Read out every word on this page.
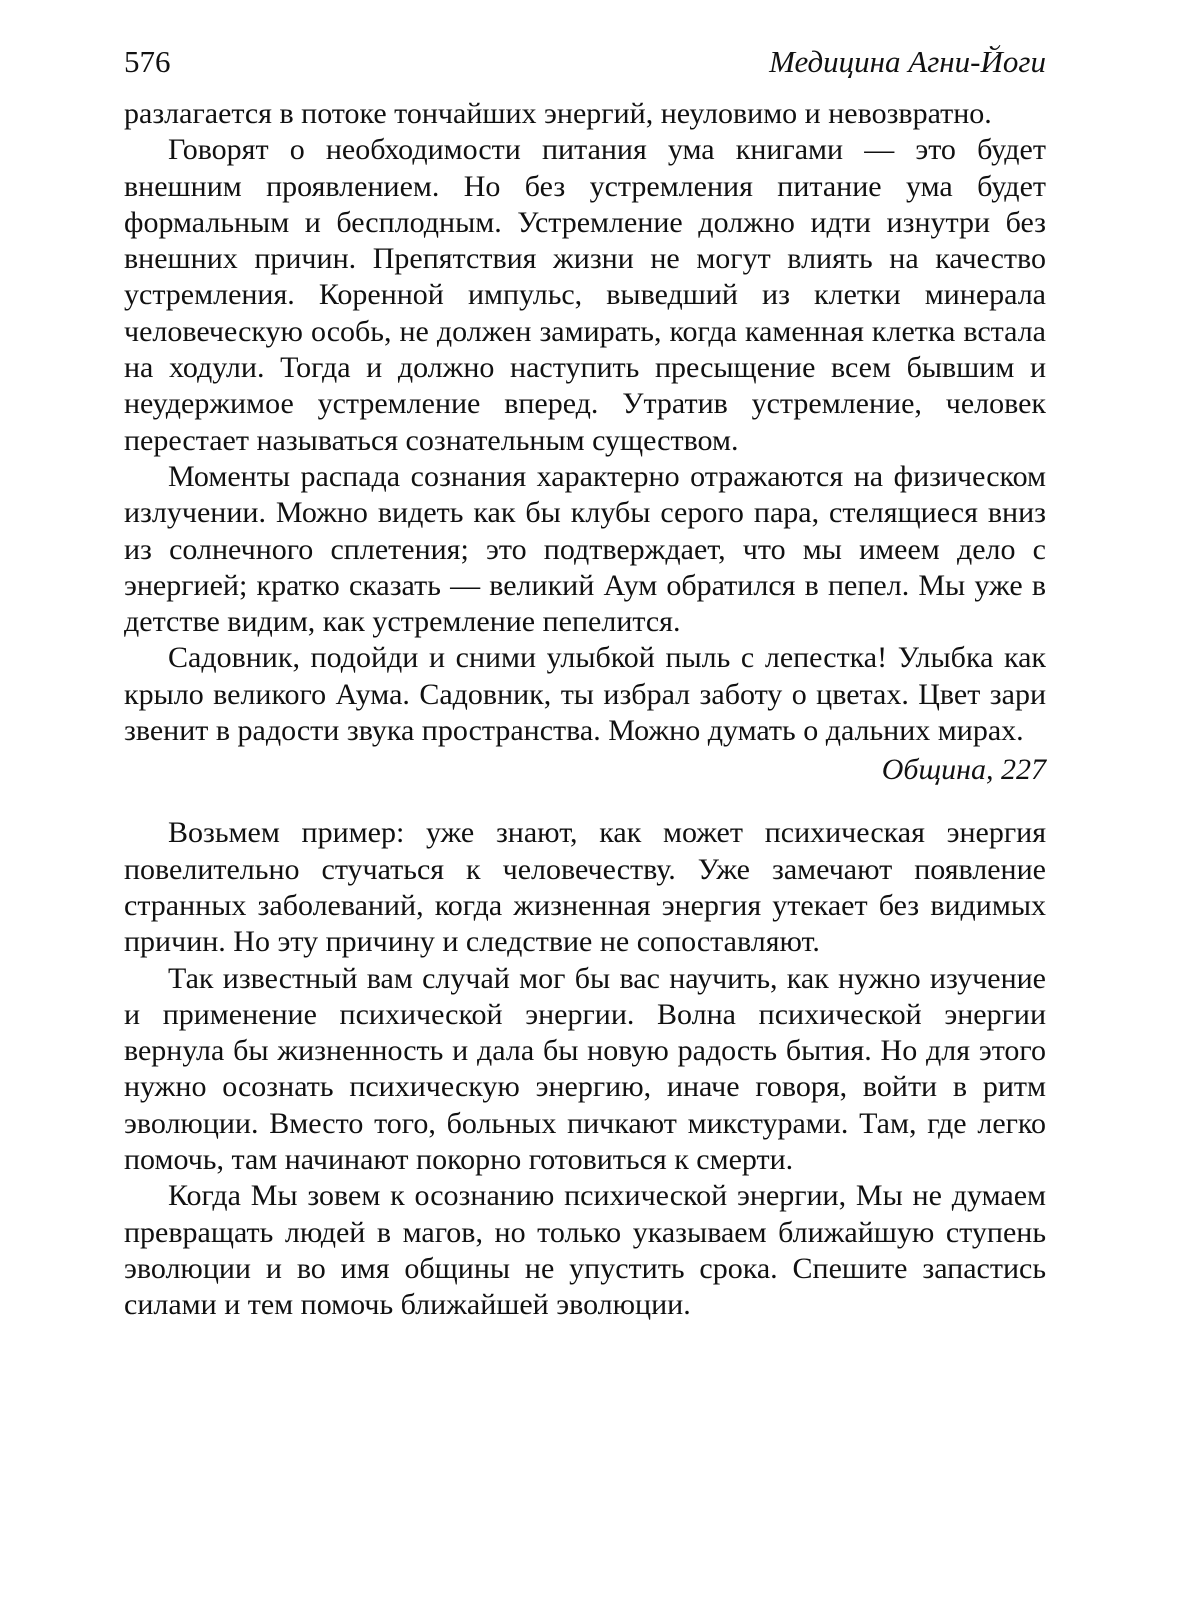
576	Медицина Агни-Йоги

разлагается в потоке тончайших энергий, неуловимо и невозвратно.

Говорят о необходимости питания ума книгами — это будет внешним проявлением. Но без устремления питание ума будет формальным и бесплодным. Устремление должно идти изнутри без внешних причин. Препятствия жизни не могут влиять на качество устремления. Коренной импульс, выведший из клетки минерала человеческую особь, не должен замирать, когда каменная клетка встала на ходули. Тогда и должно наступить пресыщение всем бывшим и неудержимое устремление вперед. Утратив устремление, человек перестает называться сознательным существом.

Моменты распада сознания характерно отражаются на физическом излучении. Можно видеть как бы клубы серого пара, стелящиеся вниз из солнечного сплетения; это подтверждает, что мы имеем дело с энергией; кратко сказать — великий Аум обратился в пепел. Мы уже в детстве видим, как устремление пепелится.

Садовник, подойди и сними улыбкой пыль с лепестка! Улыбка как крыло великого Аума. Садовник, ты избрал заботу о цветах. Цвет зари звенит в радости звука пространства. Можно думать о дальних мирах.

Община, 227

Возьмем пример: уже знают, как может психическая энергия повелительно стучаться к человечеству. Уже замечают появление странных заболеваний, когда жизненная энергия утекает без видимых причин. Но эту причину и следствие не сопоставляют.

Так известный вам случай мог бы вас научить, как нужно изучение и применение психической энергии. Волна психической энергии вернула бы жизненность и дала бы новую радость бытия. Но для этого нужно осознать психическую энергию, иначе говоря, войти в ритм эволюции. Вместо того, больных пичкают микстурами. Там, где легко помочь, там начинают покорно готовиться к смерти.

Когда Мы зовем к осознанию психической энергии, Мы не думаем превращать людей в магов, но только указываем ближайшую ступень эволюции и во имя общины не упустить срока. Спешите запастись силами и тем помочь ближайшей эволюции.
